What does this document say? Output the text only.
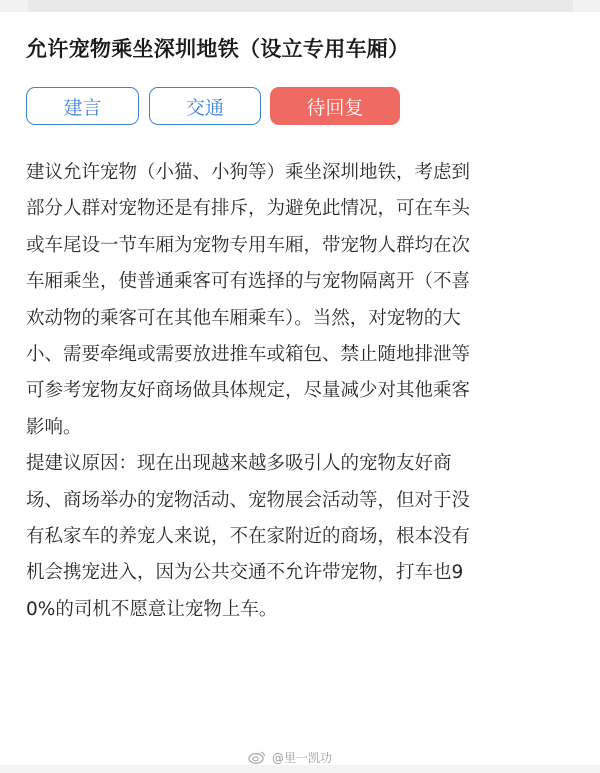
允许宠物乘坐深圳地铁（设立专用车厢）
建言	交通	待回复
建议允许宠物（小猫、小狗等）乘坐深圳地铁，考虑到
部分人群对宠物还是有排斥，为避免此情况，可在车头
或车尾设一节车厢为宠物专用车厢，带宠物人群均在次
车厢乘坐，使普通乘客可有选择的与宠物隔离开（不喜
欢动物的乘客可在其他车厢乘车）。当然，对宠物的大
小、需要牵绳或需要放进推车或箱包、禁止随地排泄等
可参考宠物友好商场做具体规定，尽量减少对其他乘客
影响。
提建议原因：现在出现越来越多吸引人的宠物友好商
场、商场举办的宠物活动、宠物展会活动等，但对于没
有私家车的养宠人来说，不在家附近的商场，根本没有
机会携宠进入，因为公共交通不允许带宠物，打车也9
0%的司机不愿意让宠物上车。
@里一凯功
